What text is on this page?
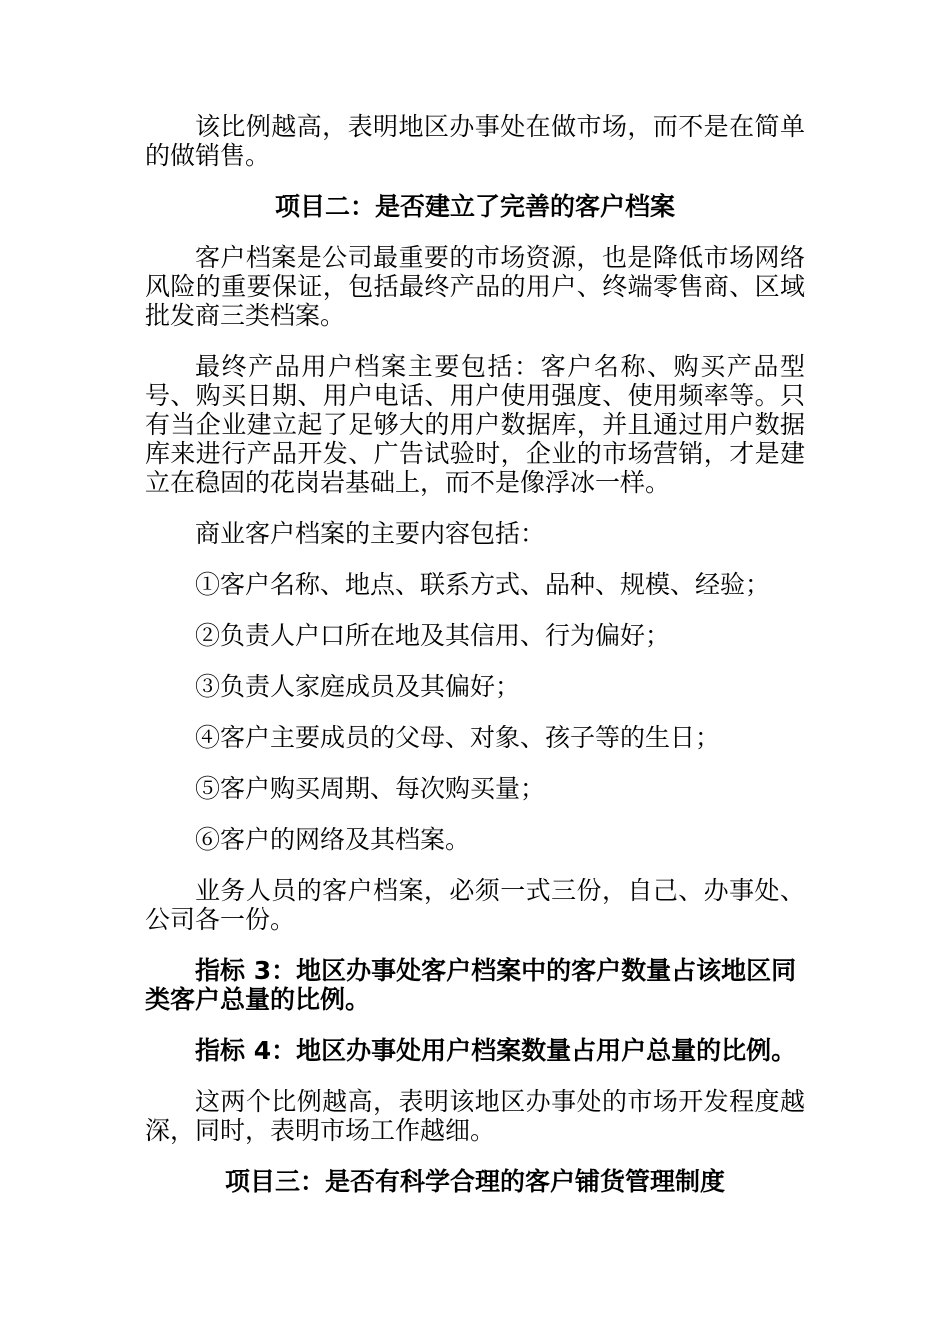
该比例越高，表明地区办事处在做市场，而不是在简单的做销售。

项目二：是否建立了完善的客户档案

客户档案是公司最重要的市场资源，也是降低市场网络风险的重要保证，包括最终产品的用户、终端零售商、区域批发商三类档案。

最终产品用户档案主要包括：客户名称、购买产品型号、购买日期、用户电话、用户使用强度、使用频率等。只有当企业建立起了足够大的用户数据库，并且通过用户数据库来进行产品开发、广告试验时，企业的市场营销，才是建立在稳固的花岗岩基础上，而不是像浮冰一样。

商业客户档案的主要内容包括：

①客户名称、地点、联系方式、品种、规模、经验；

②负责人户口所在地及其信用、行为偏好；

③负责人家庭成员及其偏好；

④客户主要成员的父母、对象、孩子等的生日；

⑤客户购买周期、每次购买量；

⑥客户的网络及其档案。

业务人员的客户档案，必须一式三份，自己、办事处、公司各一份。

指标 3：地区办事处客户档案中的客户数量占该地区同类客户总量的比例。

指标 4：地区办事处用户档案数量占用户总量的比例。

这两个比例越高，表明该地区办事处的市场开发程度越深，同时，表明市场工作越细。

项目三：是否有科学合理的客户铺货管理制度
